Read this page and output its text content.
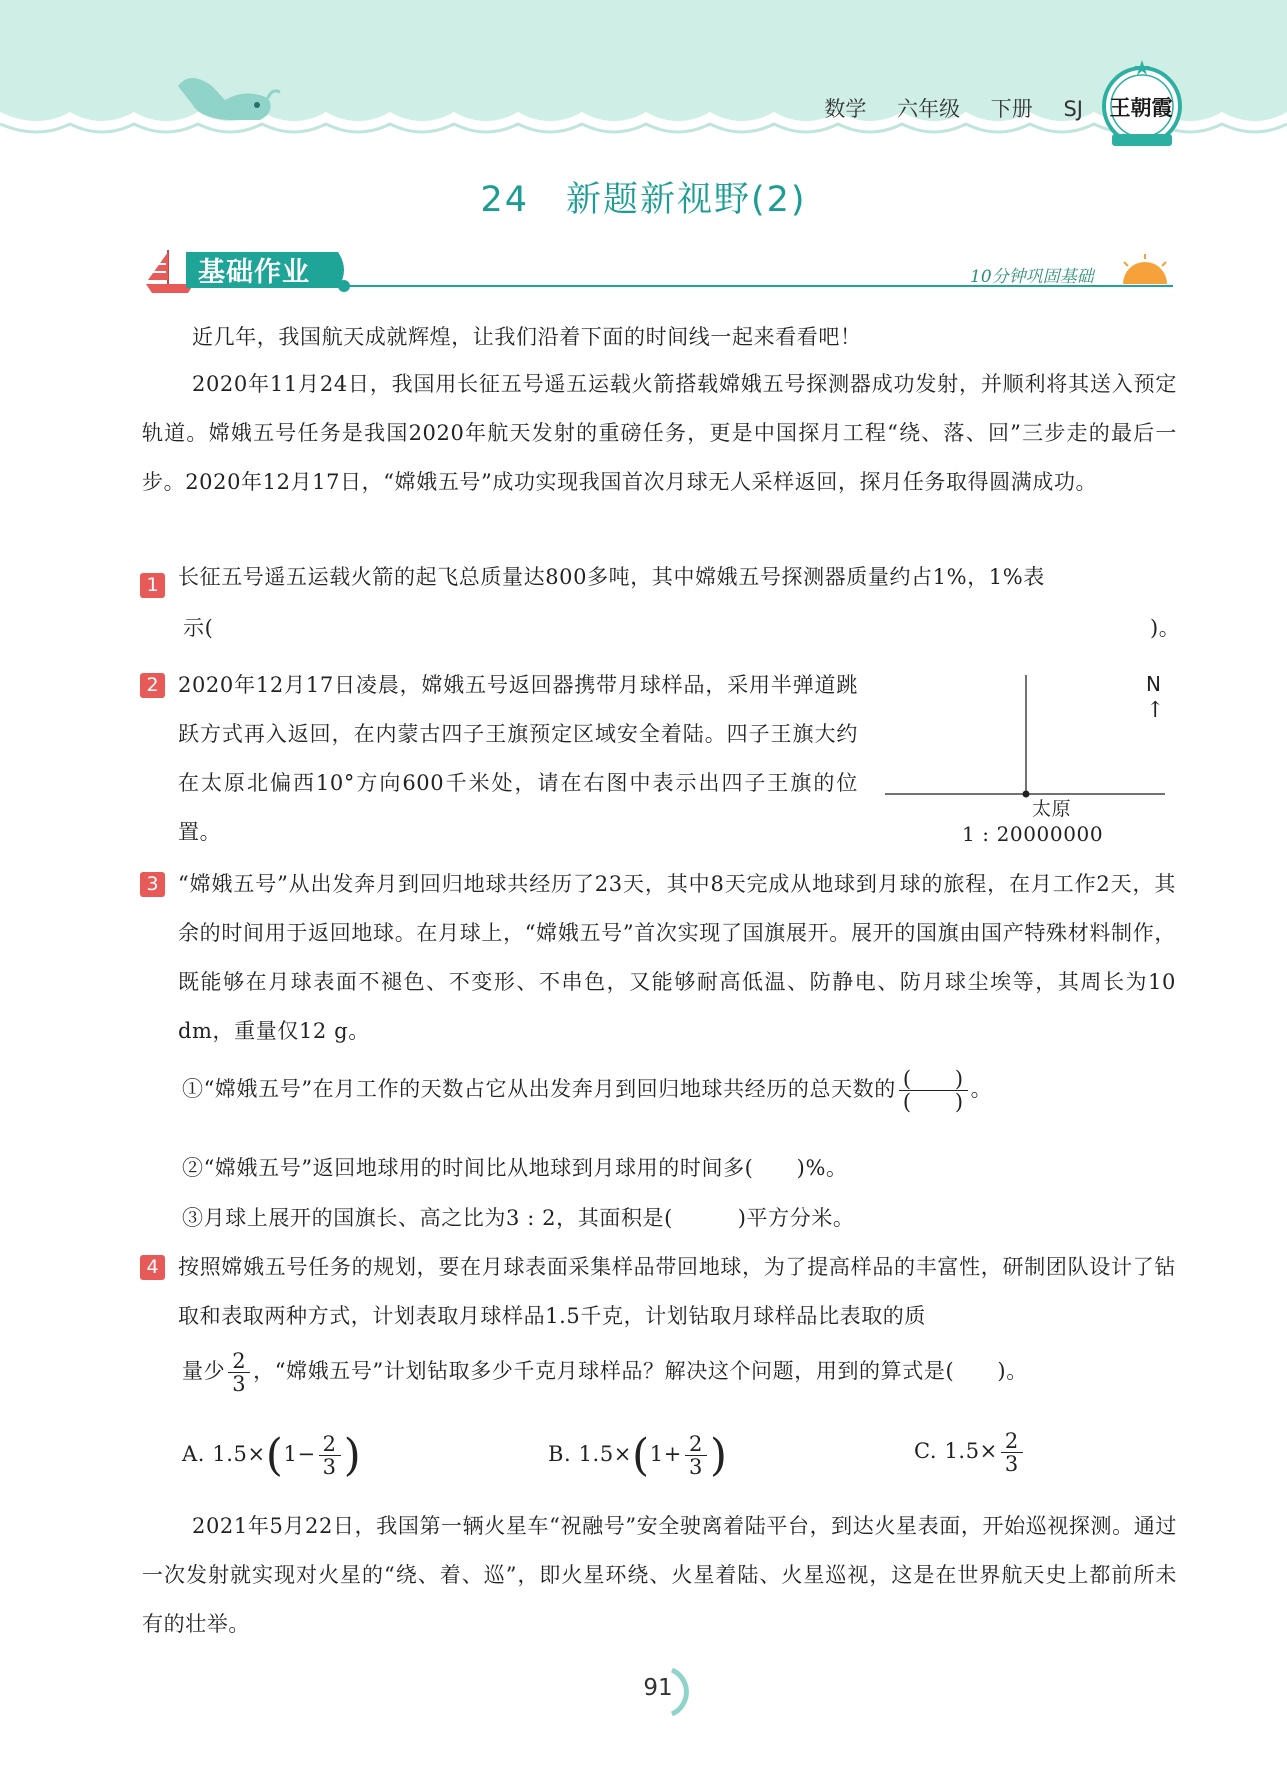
数学 六年级 下册 SJ 王朝霞
24　新题新视野(2)
基础作业	10分钟巩固基础
近几年，我国航天成就辉煌，让我们沿着下面的时间线一起来看看吧！
2020年11月24日，我国用长征五号遥五运载火箭搭载嫦娥五号探测器成功发射，并顺利将其送入预定轨道。嫦娥五号任务是我国2020年航天发射的重磅任务，更是中国探月工程“绕、落、回”三步走的最后一步。2020年12月17日，“嫦娥五号”成功实现我国首次月球无人采样返回，探月任务取得圆满成功。
1 长征五号遥五运载火箭的起飞总质量达800多吨，其中嫦娥五号探测器质量约占1%，1%表
示(	)。
2 2020年12月17日凌晨，嫦娥五号返回器携带月球样品，采用半弹道跳跃方式再入返回，在内蒙古四子王旗预定区域安全着陆。四子王旗大约在太原北偏西10°方向600千米处，请在右图中表示出四子王旗的位置。
N
↑
太原
1 : 20000000
3 “嫦娥五号”从出发奔月到回归地球共经历了23天，其中8天完成从地球到月球的旅程，在月工作2天，其余的时间用于返回地球。在月球上，“嫦娥五号”首次实现了国旗展开。展开的国旗由国产特殊材料制作，既能够在月球表面不褪色、不变形、不串色，又能够耐高低温、防静电、防月球尘埃等，其周长为10 dm，重量仅12 g。
①“嫦娥五号”在月工作的天数占它从出发奔月到回归地球共经历的总天数的 $\frac{( )}{( )}$ 。
②“嫦娥五号”返回地球用的时间比从地球到月球用的时间多(　　)%。
③月球上展开的国旗长、高之比为3 : 2，其面积是(　　　)平方分米。
4 按照嫦娥五号任务的规划，要在月球表面采集样品带回地球，为了提高样品的丰富性，研制团队设计了钻取和表取两种方式，计划表取月球样品1.5千克，计划钻取月球样品比表取的质
量少 $\frac{2}{3}$ ，“嫦娥五号”计划钻取多少千克月球样品？解决这个问题，用到的算式是(　　)。
A. $1.5\times(1- \frac{2}{3}$ )	B. $1.5\times(1+ \frac{2}{3}$ )	C. $1.5\times \frac{2}{3}$
2021年5月22日，我国第一辆火星车“祝融号”安全驶离着陆平台，到达火星表面，开始巡视探测。通过一次发射就实现对火星的“绕、着、巡”，即火星环绕、火星着陆、火星巡视，这是在世界航天史上都前所未有的壮举。
91
